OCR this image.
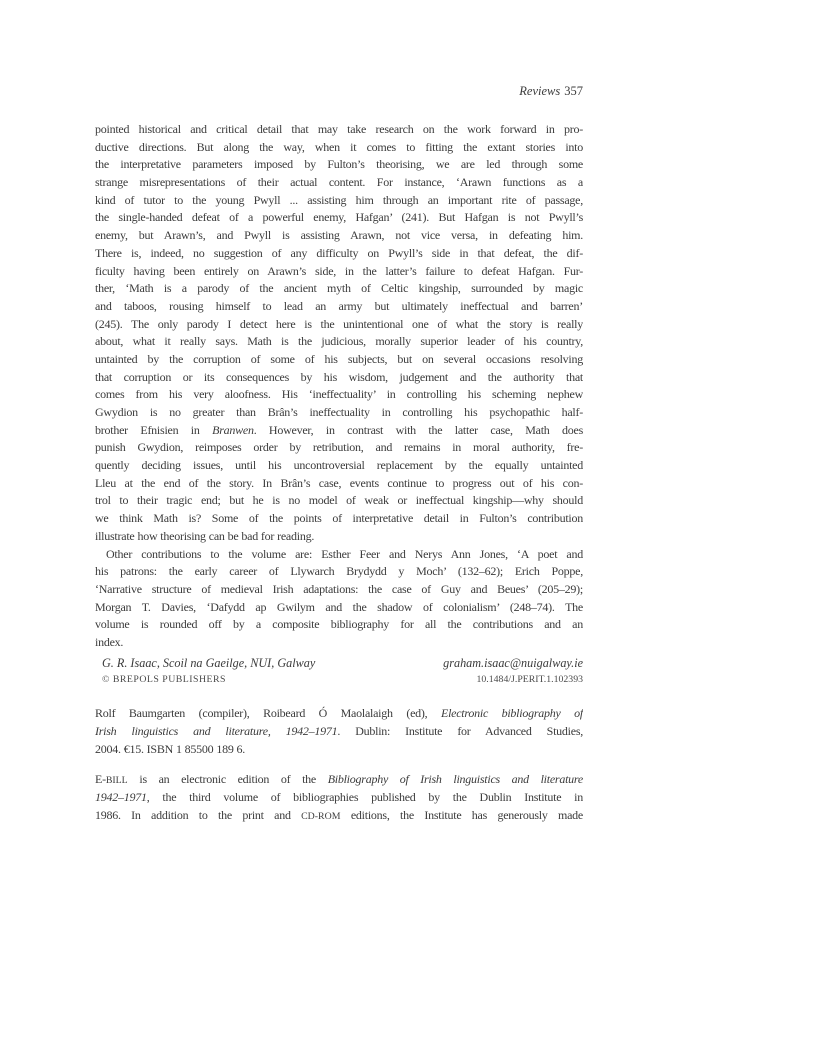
Reviews 357
pointed historical and critical detail that may take research on the work forward in pro-
ductive directions. But along the way, when it comes to fitting the extant stories into
the interpretative parameters imposed by Fulton’s theorising, we are led through some
strange misrepresentations of their actual content. For instance, ‘Arawn functions as a
kind of tutor to the young Pwyll ... assisting him through an important rite of passage,
the single-handed defeat of a powerful enemy, Hafgan’ (241). But Hafgan is not Pwyll’s
enemy, but Arawn’s, and Pwyll is assisting Arawn, not vice versa, in defeating him.
There is, indeed, no suggestion of any difficulty on Pwyll’s side in that defeat, the dif-
ficulty having been entirely on Arawn’s side, in the latter’s failure to defeat Hafgan. Fur-
ther, ‘Math is a parody of the ancient myth of Celtic kingship, surrounded by magic
and taboos, rousing himself to lead an army but ultimately ineffectual and barren’
(245). The only parody I detect here is the unintentional one of what the story is really
about, what it really says. Math is the judicious, morally superior leader of his country,
untainted by the corruption of some of his subjects, but on several occasions resolving
that corruption or its consequences by his wisdom, judgement and the authority that
comes from his very aloofness. His ‘ineffectuality’ in controlling his scheming nephew
Gwydion is no greater than Brân’s ineffectuality in controlling his psychopathic half-
brother Efnisien in Branwen. However, in contrast with the latter case, Math does
punish Gwydion, reimposes order by retribution, and remains in moral authority, fre-
quently deciding issues, until his uncontroversial replacement by the equally untainted
Lleu at the end of the story. In Brân’s case, events continue to progress out of his con-
trol to their tragic end; but he is no model of weak or ineffectual kingship—why should
we think Math is? Some of the points of interpretative detail in Fulton’s contribution
illustrate how theorising can be bad for reading.
Other contributions to the volume are: Esther Feer and Nerys Ann Jones, ‘A poet and
his patrons: the early career of Llywarch Brydydd y Moch’ (132–62); Erich Poppe,
‘Narrative structure of medieval Irish adaptations: the case of Guy and Beues’ (205–29);
Morgan T. Davies, ‘Dafydd ap Gwilym and the shadow of colonialism’ (248–74). The
volume is rounded off by a composite bibliography for all the contributions and an
index.
G. R. Isaac, Scoil na Gaeilge, NUI, Galway	graham.isaac@nuigalway.ie
© BREPOLS PUBLISHERS	10.1484/J.PERIT.1.102393
Rolf Baumgarten (compiler), Roibeard Ó Maolalaigh (ed), Electronic bibliography of
Irish linguistics and literature, 1942–1971. Dublin: Institute for Advanced Studies,
2004. €15. ISBN 1 85500 189 6.
E-BILL is an electronic edition of the Bibliography of Irish linguistics and literature
1942–1971, the third volume of bibliographies published by the Dublin Institute in
1986. In addition to the print and CD-ROM editions, the Institute has generously made
